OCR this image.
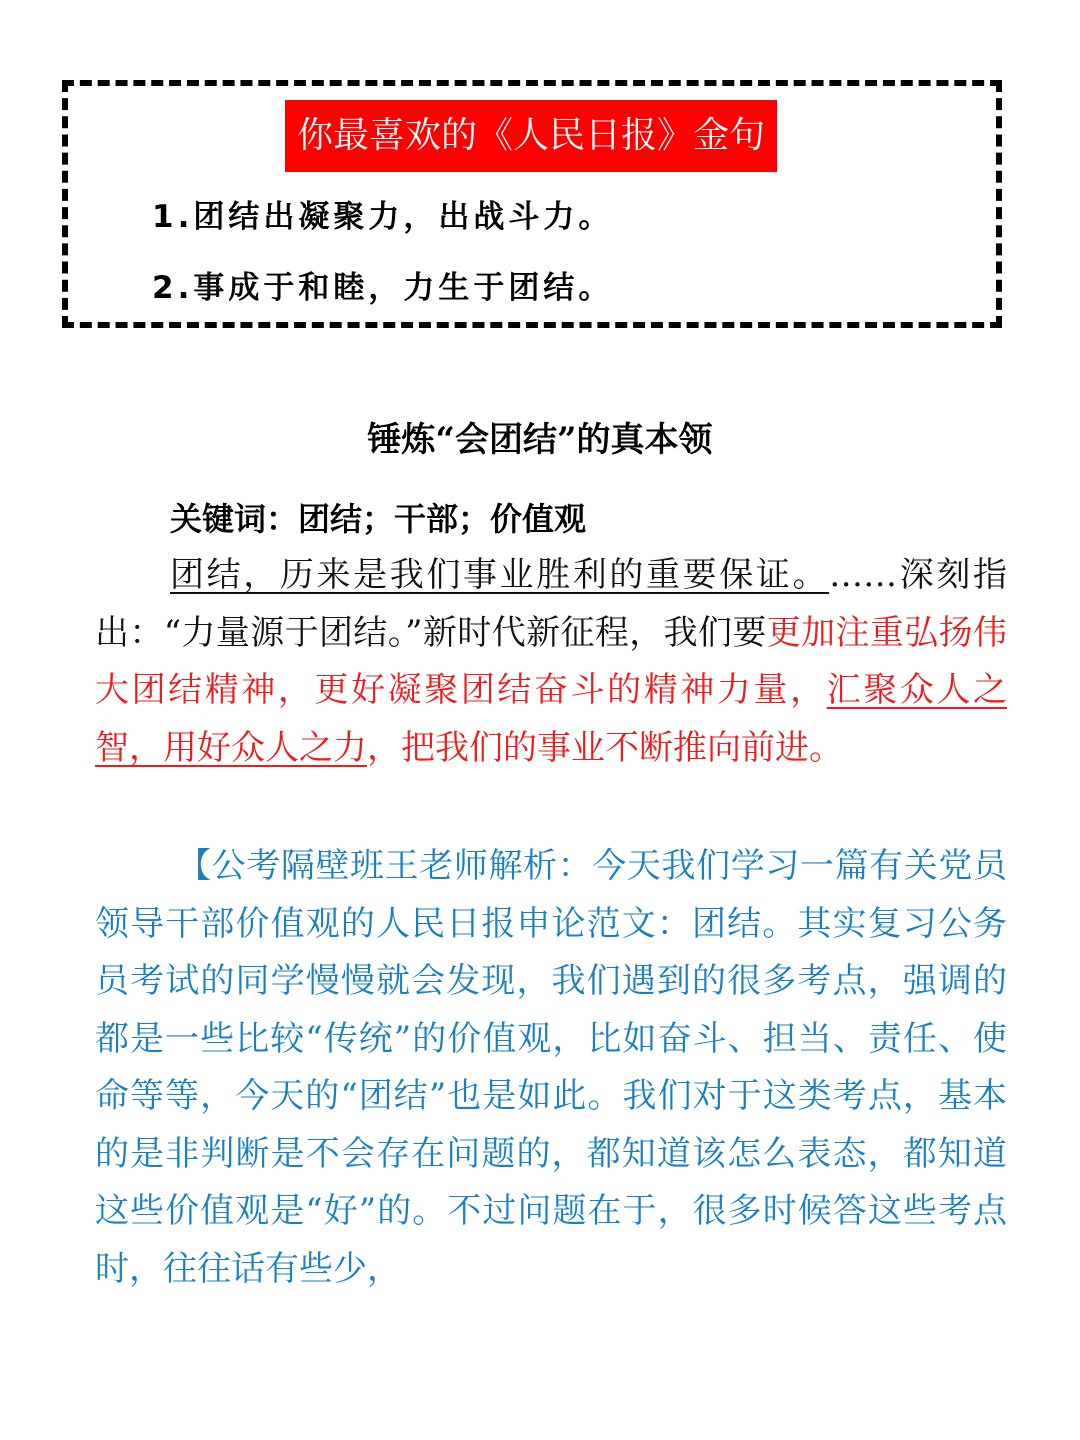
你最喜欢的《人民日报》金句
1.团结出凝聚力，出战斗力。
2.事成于和睦，力生于团结。
锤炼“会团结”的真本领
关键词：团结；干部；价值观

团结，历来是我们事业胜利的重要保证。……深刻指出：“力量源于团结。”新时代新征程，我们要更加注重弘扬伟大团结精神，更好凝聚团结奋斗的精神力量，汇聚众人之智，用好众人之力，把我们的事业不断推向前进。

【公考隔壁班王老师解析：今天我们学习一篇有关党员领导干部价值观的人民日报申论范文：团结。其实复习公务员考试的同学慢慢就会发现，我们遇到的很多考点，强调的都是一些比较“传统”的价值观，比如奋斗、担当、责任、使命等等，今天的“团结”也是如此。我们对于这类考点，基本的是非判断是不会存在问题的，都知道该怎么表态，都知道这些价值观是“好”的。不过问题在于，很多时候答这些考点时，往往话有些少，
